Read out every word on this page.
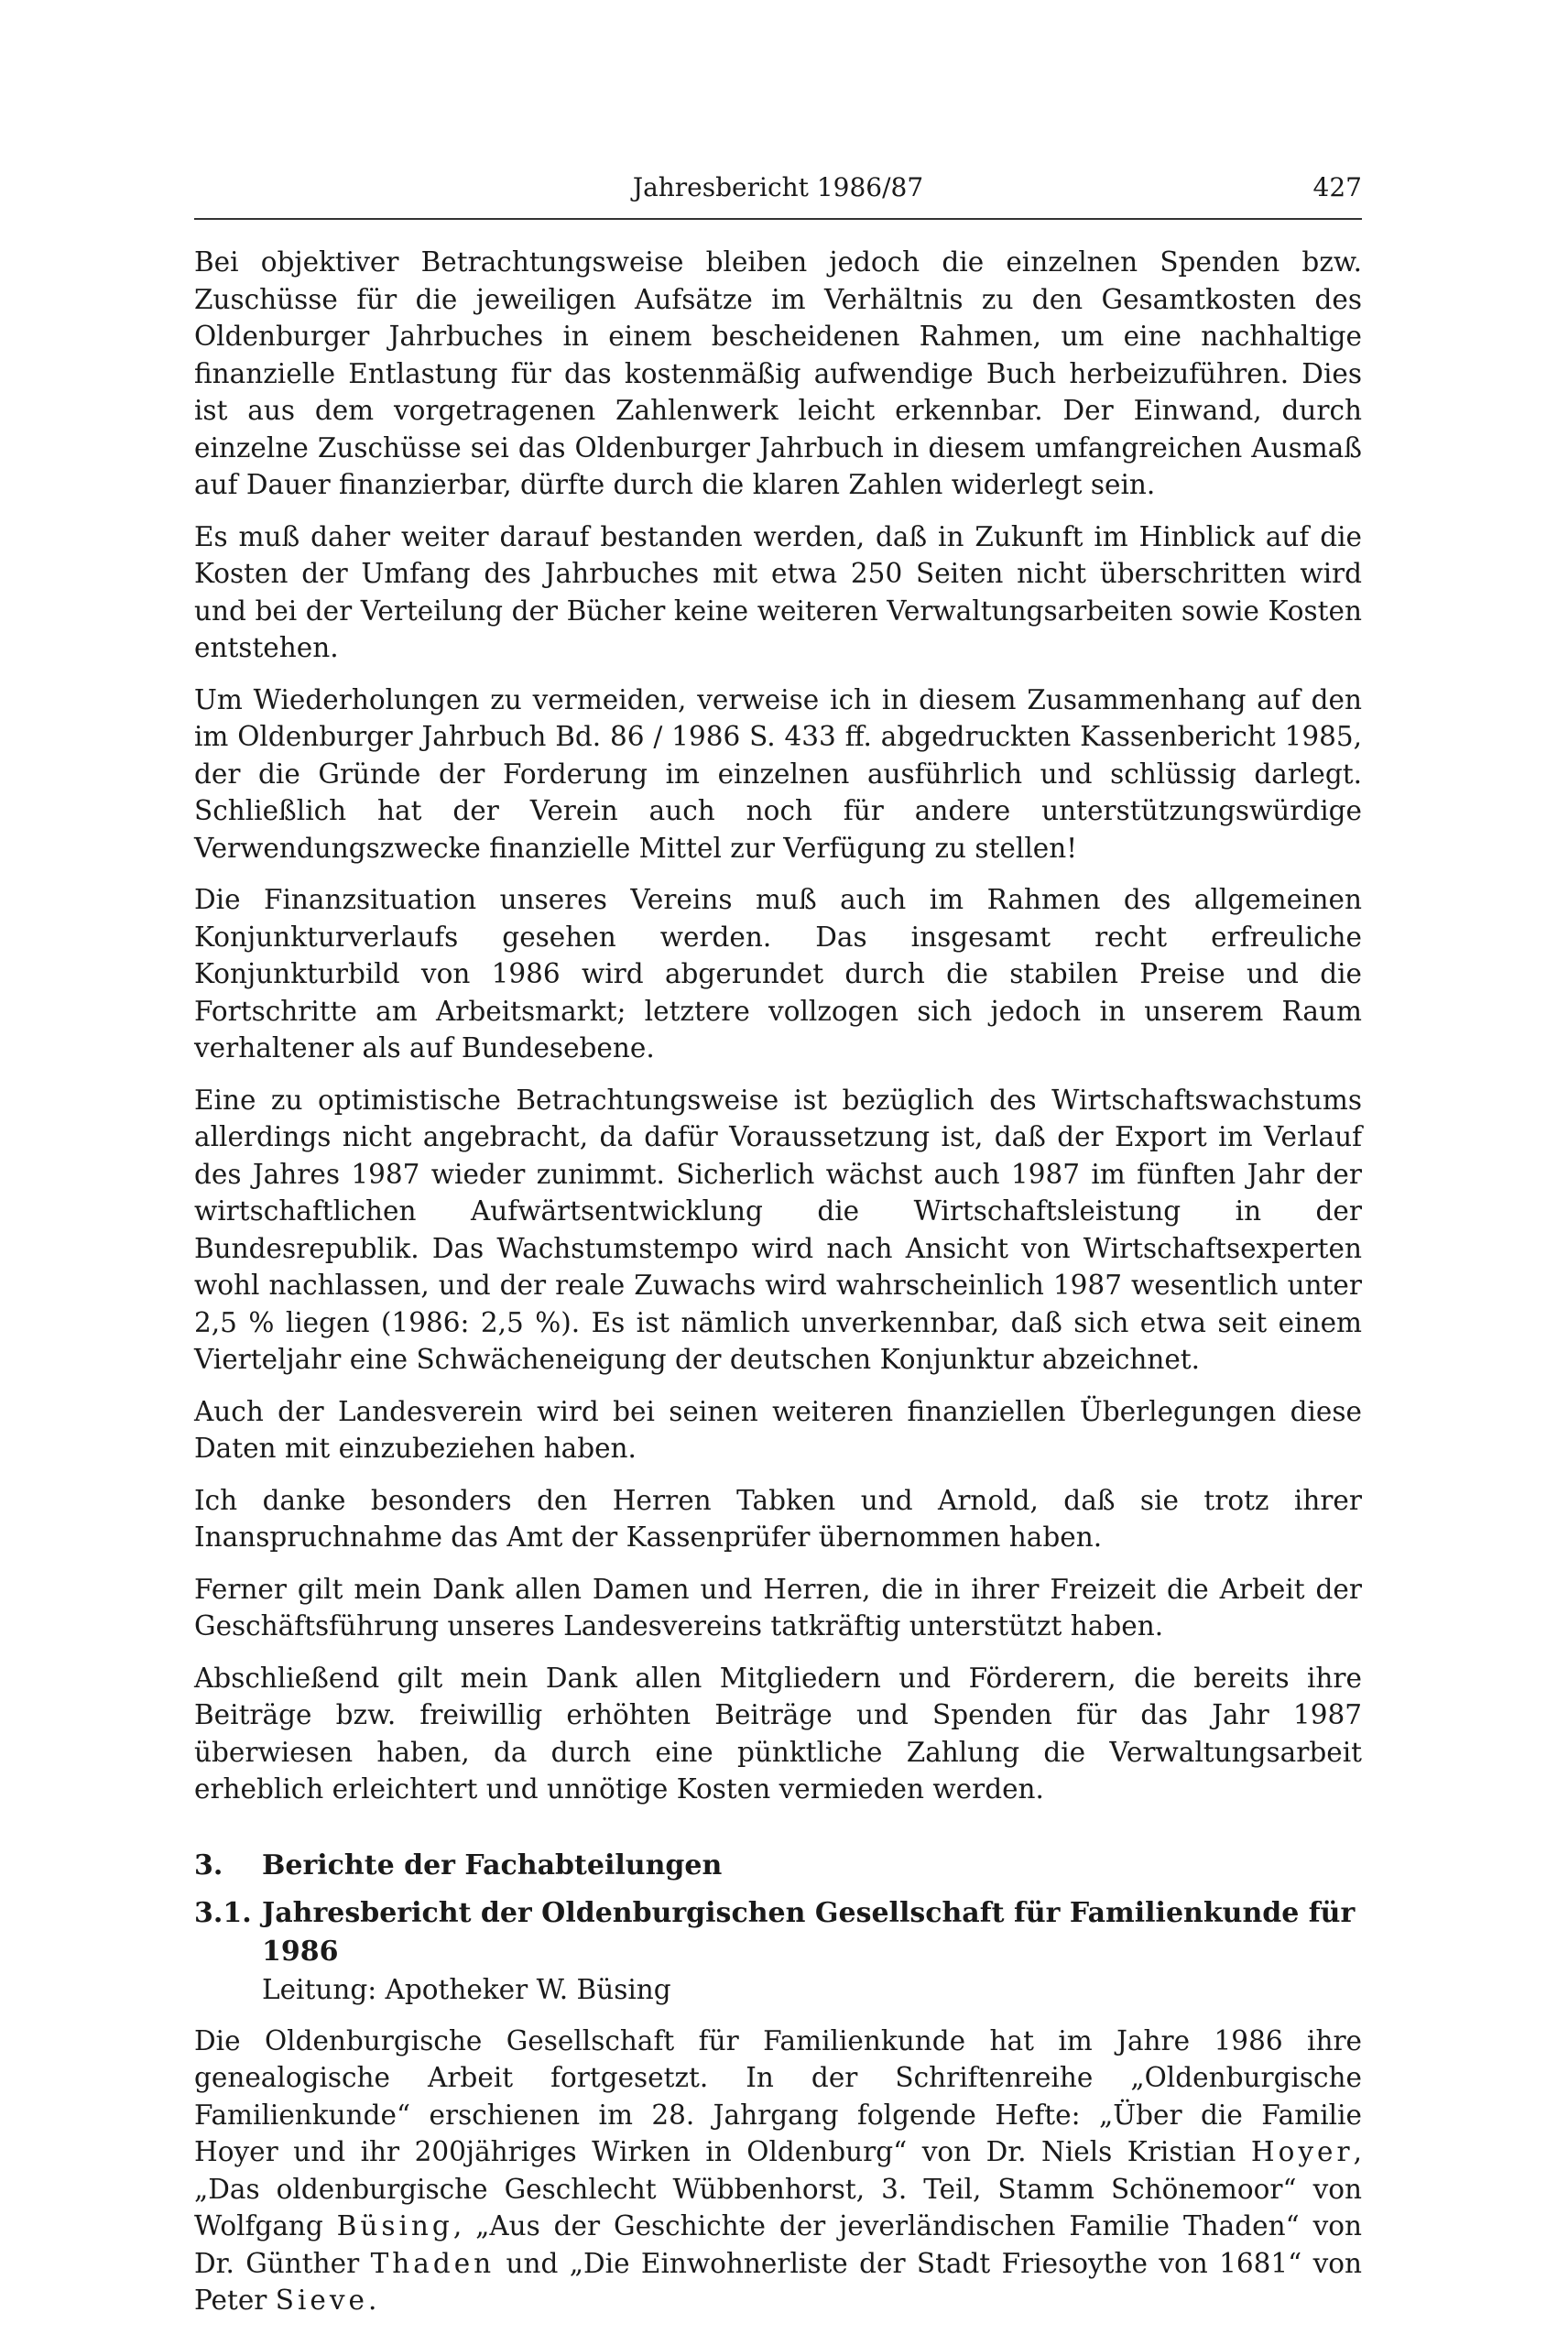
Jahresbericht 1986/87	427

Bei objektiver Betrachtungsweise bleiben jedoch die einzelnen Spenden bzw. Zuschüsse für die jeweiligen Aufsätze im Verhältnis zu den Gesamtkosten des Oldenburger Jahrbuches in einem bescheidenen Rahmen, um eine nachhaltige finanzielle Entlastung für das kostenmäßig aufwendige Buch herbeizuführen. Dies ist aus dem vorgetragenen Zahlenwerk leicht erkennbar. Der Einwand, durch einzelne Zuschüsse sei das Oldenburger Jahrbuch in diesem umfangreichen Ausmaß auf Dauer finanzierbar, dürfte durch die klaren Zahlen widerlegt sein.

Es muß daher weiter darauf bestanden werden, daß in Zukunft im Hinblick auf die Kosten der Umfang des Jahrbuches mit etwa 250 Seiten nicht überschritten wird und bei der Verteilung der Bücher keine weiteren Verwaltungsarbeiten sowie Kosten entstehen.

Um Wiederholungen zu vermeiden, verweise ich in diesem Zusammenhang auf den im Oldenburger Jahrbuch Bd. 86 / 1986 S. 433 ff. abgedruckten Kassenbericht 1985, der die Gründe der Forderung im einzelnen ausführlich und schlüssig darlegt. Schließlich hat der Verein auch noch für andere unterstützungswürdige Verwendungszwecke finanzielle Mittel zur Verfügung zu stellen!

Die Finanzsituation unseres Vereins muß auch im Rahmen des allgemeinen Konjunkturverlaufs gesehen werden. Das insgesamt recht erfreuliche Konjunkturbild von 1986 wird abgerundet durch die stabilen Preise und die Fortschritte am Arbeitsmarkt; letztere vollzogen sich jedoch in unserem Raum verhaltener als auf Bundesebene.

Eine zu optimistische Betrachtungsweise ist bezüglich des Wirtschaftswachstums allerdings nicht angebracht, da dafür Voraussetzung ist, daß der Export im Verlauf des Jahres 1987 wieder zunimmt. Sicherlich wächst auch 1987 im fünften Jahr der wirtschaftlichen Aufwärtsentwicklung die Wirtschaftsleistung in der Bundesrepublik. Das Wachstumstempo wird nach Ansicht von Wirtschaftsexperten wohl nachlassen, und der reale Zuwachs wird wahrscheinlich 1987 wesentlich unter 2,5 % liegen (1986: 2,5 %). Es ist nämlich unverkennbar, daß sich etwa seit einem Vierteljahr eine Schwächeneigung der deutschen Konjunktur abzeichnet.

Auch der Landesverein wird bei seinen weiteren finanziellen Überlegungen diese Daten mit einzubeziehen haben.

Ich danke besonders den Herren Tabken und Arnold, daß sie trotz ihrer Inanspruchnahme das Amt der Kassenprüfer übernommen haben.

Ferner gilt mein Dank allen Damen und Herren, die in ihrer Freizeit die Arbeit der Geschäftsführung unseres Landesvereins tatkräftig unterstützt haben.

Abschließend gilt mein Dank allen Mitgliedern und Förderern, die bereits ihre Beiträge bzw. freiwillig erhöhten Beiträge und Spenden für das Jahr 1987 überwiesen haben, da durch eine pünktliche Zahlung die Verwaltungsarbeit erheblich erleichtert und unnötige Kosten vermieden werden.

3.	Berichte der Fachabteilungen
3.1. Jahresbericht der Oldenburgischen Gesellschaft für Familienkunde für 1986
Leitung: Apotheker W. Büsing

Die Oldenburgische Gesellschaft für Familienkunde hat im Jahre 1986 ihre genealogische Arbeit fortgesetzt. In der Schriftenreihe „Oldenburgische Familienkunde“ erschienen im 28. Jahrgang folgende Hefte: „Über die Familie Hoyer und ihr 200jähriges Wirken in Oldenburg“ von Dr. Niels Kristian Hoyer, „Das oldenburgische Geschlecht Wübbenhorst, 3. Teil, Stamm Schönemoor“ von Wolfgang Büsing, „Aus der Geschichte der jeverländischen Familie Thaden“ von Dr. Günther Thaden und „Die Einwohnerliste der Stadt Friesoythe von 1681“ von Peter Sieve.
